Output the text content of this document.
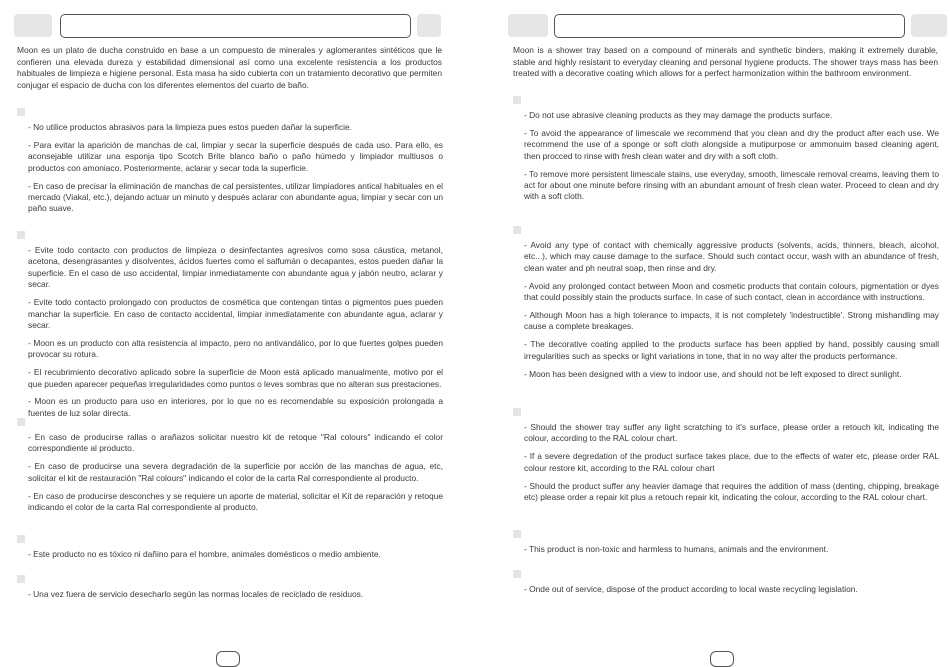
Moon es un plato de ducha construido en base a un compuesto de minerales y aglomerantes sintéticos que le confieren una elevada dureza y estabilidad dimensional así como una excelente resistencia a los productos habituales de limpieza e higiene personal. Esta masa ha sido cubierta con un tratamiento decorativo que permiten conjugar el espacio de ducha con los diferentes elementos del cuarto de baño.

- No utilice productos abrasivos para la limpieza pues estos pueden dañar la superficie.

- Para evitar la aparición de manchas de cal, limpiar y secar la superficie después de cada uso. Para ello, es aconsejable utilizar una esponja tipo Scotch Brite blanco baño o paño húmedo y limpiador multiusos o productos con amoniaco. Posteriormente, aclarar y secar toda la superficie.

- En caso de precisar la eliminación de manchas de cal persistentes, utilizar limpiadores antical habituales en el mercado (Viakal, etc.), dejando actuar un minuto y después aclarar con abundante agua, limpiar y secar con un paño suave.

- Evite todo contacto con productos de limpieza o desinfectantes agresivos como sosa cáustica, metanol, acetona, desengrasantes y disolventes, ácidos fuertes como el salfumán o decapantes, estos pueden dañar la superficie. En el caso de uso accidental, limpiar inmediatamente con abundante agua y jabón neutro, aclarar y secar.

- Evite todo contacto prolongado con productos de cosmética que contengan tintas o pigmentos pues pueden manchar la superficie. En caso de contacto accidental, limpiar inmediatamente con abundante agua, aclarar y secar.

- Moon es un producto con alta resistencia al impacto, pero no antivandálico, por lo que fuertes golpes pueden provocar su rotura.

- El recubrimiento decorativo aplicado sobre la superficie de Moon está aplicado manualmente, motivo por el que pueden aparecer pequeñas irregularidades como puntos o leves sombras que no alteran sus prestaciones.

- Moon es un producto para uso en interiores, por lo que no es recomendable su exposición prolongada a fuentes de luz solar directa.

- En caso de producirse rallas o arañazos solicitar nuestro kit de retoque "Ral colours" indicando el color correspondiente al producto.

- En caso de producirse una severa degradación de la superficie por acción de las manchas de agua, etc, solicitar el kit de restauración "Ral colours" indicando el color de la carta Ral correspondiente al producto.

- En caso de producirse desconches y se requiere un aporte de material, solicitar el Kit de reparación y retoque indicando el color de la carta Ral correspondiente al producto.

- Este producto no es tóxico ni dañino para el hombre, animales domésticos o medio ambiente.

- Una vez fuera de servicio desecharlo según las normas locales de reciclado de residuos.

Moon is a shower tray based on a compound of minerals and synthetic binders, making it extremely durable, stable and highly resistant to everyday cleaning and personal hygiene products. The shower trays mass has been treated with a decorative coating which allows for a perfect harmonization within the bathroom environment.

- Do not use abrasive cleaning products as they may damage the products surface.

- To avoid the appearance of limescale we recommend that you clean and dry the product after each use. We recommend the use of a sponge or soft cloth alongside a mutipurpose or ammonuim based cleaning agent, then procced to rinse with fresh clean water and dry with a soft cloth.

- To remove more persistent limescale stains, use everyday, smooth, limescale removal creams, leaving them to act for about one minute before rinsing with an abundant amount of fresh clean water. Proceed to clean and dry with a soft cloth.

- Avoid any type of contact with chemically aggressive products (solvents, acids, thinners, bleach, alcohol, etc...), which may cause damage to the surface. Should such contact occur, wash with an abundance of fresh, clean water and ph neutral soap, then rinse and dry.

- Avoid any prolonged contact between Moon and cosmetic products that contain colours, pigmentation or dyes that could possibly stain the products surface. In case of such contact, clean in accordance with instructions.

- Although Moon has a high tolerance to impacts, it is not completely 'indestructible'. Strong mishandling may cause a complete breakages.

- The decorative coating applied to the products surface has been applied by hand, possibly causing small irregularities such as specks or light variations in tone, that in no way alter the products performance.

- Moon has been designed with a view to indoor use, and should not be left exposed to direct sunlight.

- Should the shower tray suffer any light scratching to it's surface, please order a retouch kit, indicating the colour, according to the RAL colour chart.

- If a severe degredation of the product surface takes place, due to the effects of water etc, please order RAL colour restore kit, according to the RAL colour chart

- Should the product suffer any heavier damage that requires the addition of mass (denting, chipping, breakage etc) please order a repair kit plus a retouch repair kit, indicating the colour, according to the RAL colour chart.

- This product is non-toxic and harmless to humans, animals and the environment.

- Onde out of service, dispose of the product according to local waste recycling legislation.
